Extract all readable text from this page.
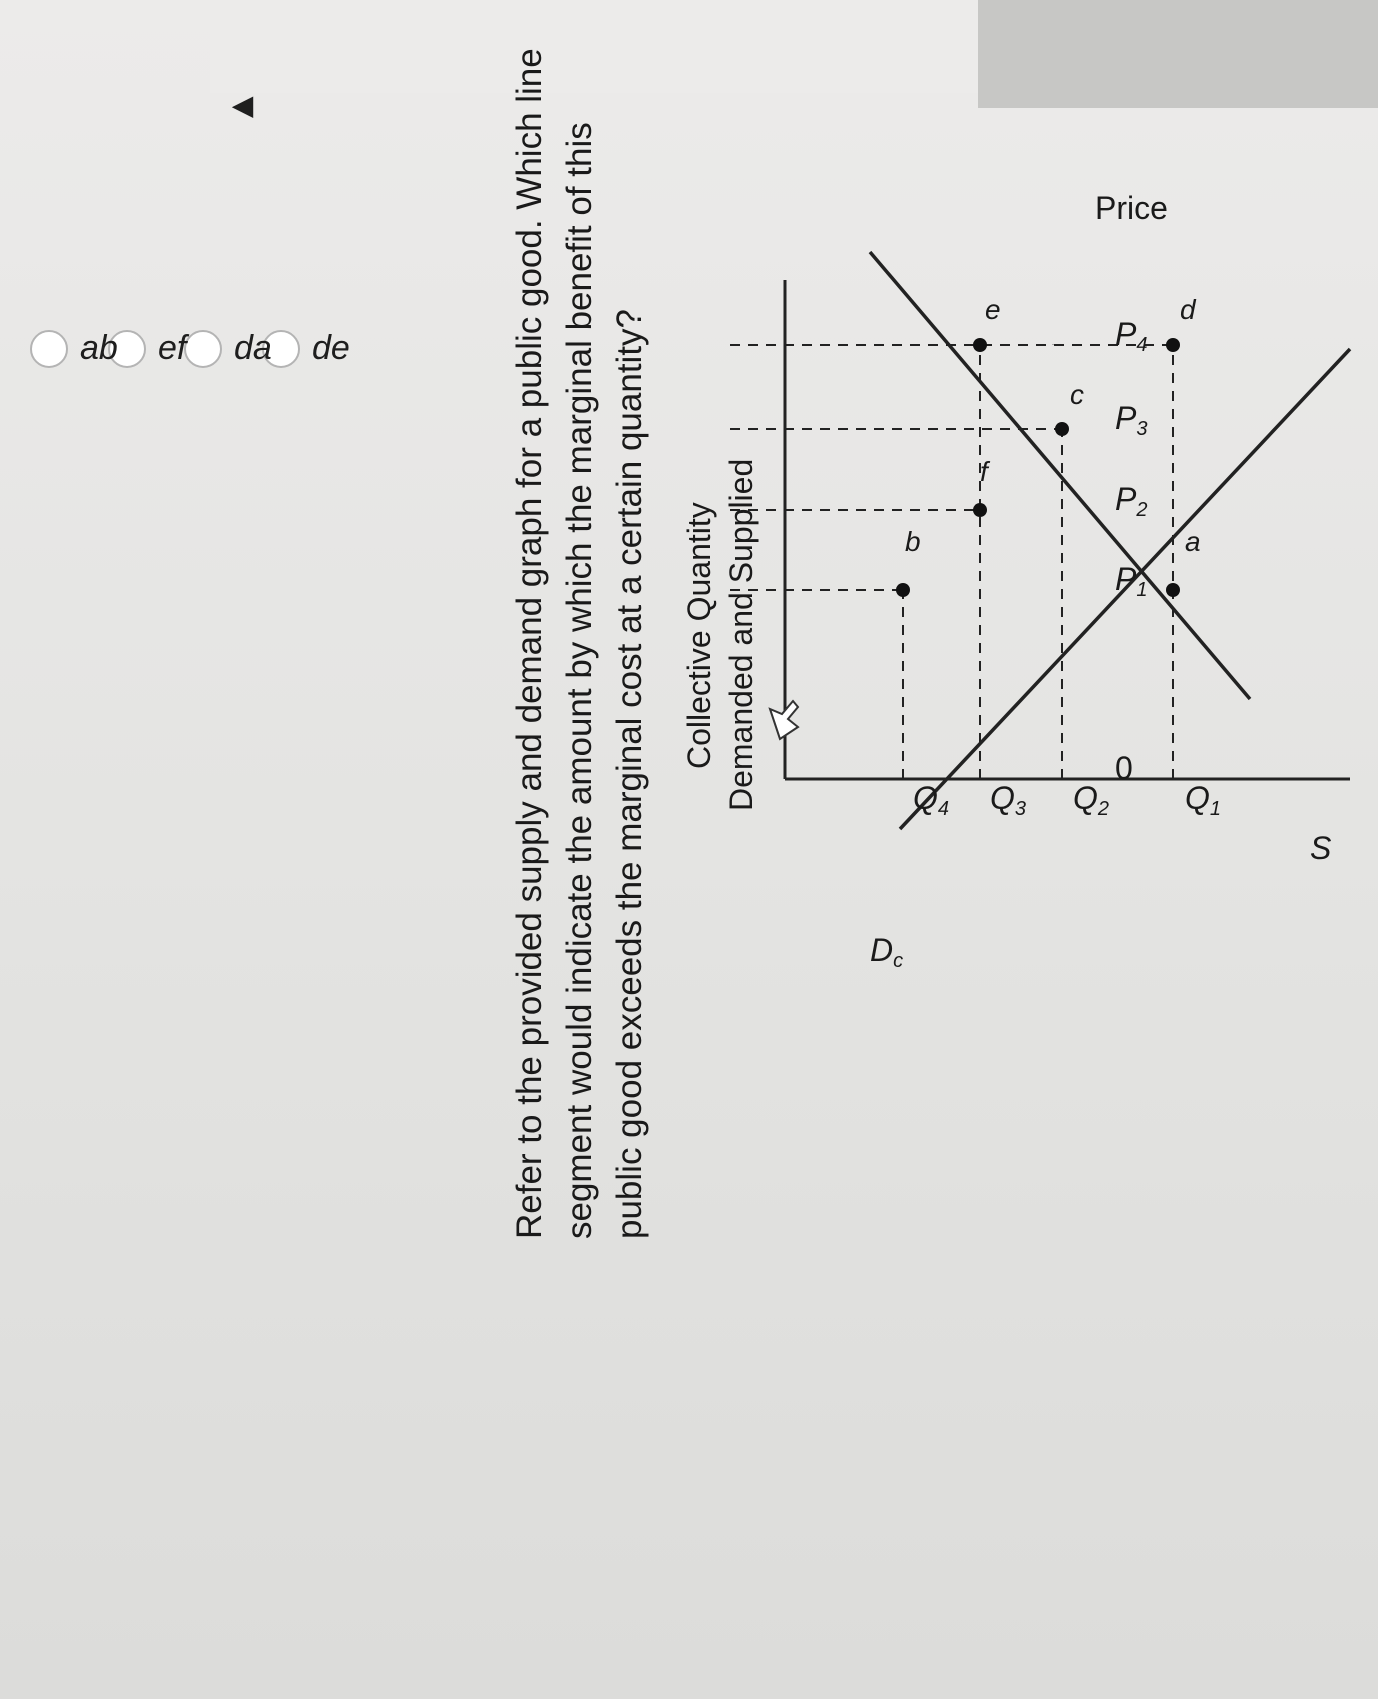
◀
Price
P4
P3
P2
P1
0
Q1
Q2
Q3
Q4
Collective Quantity Demanded and Supplied
S
Dc
a
b
c
d
e
f
Refer to the provided supply and demand graph for a public good. Which line segment would indicate the amount by which the marginal benefit of this public good exceeds the marginal cost at a certain quantity?
de
da
ef
ab
